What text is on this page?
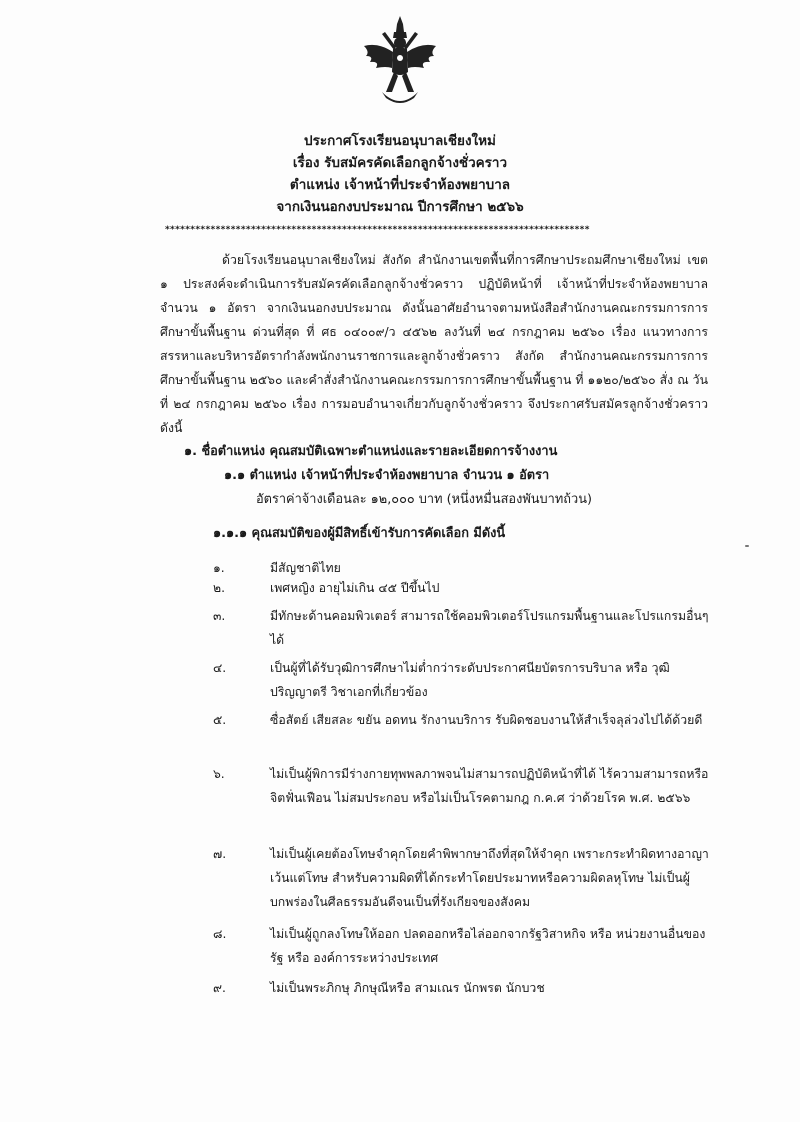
ประกาศโรงเรียนอนุบาลเชียงใหม่
เรื่อง รับสมัครคัดเลือกลูกจ้างชั่วคราว
ตำแหน่ง เจ้าหน้าที่ประจำห้องพยาบาล
จากเงินนอกงบประมาณ ปีการศึกษา ๒๕๖๖
************************************************************************************
ด้วยโรงเรียนอนุบาลเชียงใหม่ สังกัด สำนักงานเขตพื้นที่การศึกษาประถมศึกษาเชียงใหม่ เขต ๑ ประสงค์จะดำเนินการรับสมัครคัดเลือกลูกจ้างชั่วคราว ปฏิบัติหน้าที่ เจ้าหน้าที่ประจำห้องพยาบาล จำนวน ๑ อัตรา จากเงินนอกงบประมาณ ดังนั้นอาศัยอำนาจตามหนังสือสำนักงานคณะกรรมการการศึกษาขั้นพื้นฐาน ด่วนที่สุด ที่ ศธ ๐๔๐๐๙/ว ๔๕๖๒ ลงวันที่ ๒๔ กรกฎาคม ๒๕๖๐ เรื่อง แนวทางการสรรหาและบริหารอัตรากำลังพนักงานราชการและลูกจ้างชั่วคราว สังกัด สำนักงานคณะกรรมการการศึกษาขั้นพื้นฐาน ๒๕๖๐ และคำสั่งสำนักงานคณะกรรมการการศึกษาขั้นพื้นฐาน ที่ ๑๑๒๐/๒๕๖๐ สั่ง ณ วันที่ ๒๔ กรกฎาคม ๒๕๖๐ เรื่อง การมอบอำนาจเกี่ยวกับลูกจ้างชั่วคราว จึงประกาศรับสมัครลูกจ้างชั่วคราว ดังนี้
๑. ชื่อตำแหน่ง คุณสมบัติเฉพาะตำแหน่งและรายละเอียดการจ้างงาน
๑.๑ ตำแหน่ง เจ้าหน้าที่ประจำห้องพยาบาล จำนวน ๑ อัตรา
อัตราค่าจ้างเดือนละ ๑๒,๐๐๐ บาท (หนึ่งหมื่นสองพันบาทถ้วน)
๑.๑.๑ คุณสมบัติของผู้มีสิทธิ์เข้ารับการคัดเลือก มีดังนี้
๑.	มีสัญชาติไทย
๒.	เพศหญิง อายุไม่เกิน ๔๕ ปีขึ้นไป
๓.	มีทักษะด้านคอมพิวเตอร์ สามารถใช้คอมพิวเตอร์โปรแกรมพื้นฐานและโปรแกรมอื่นๆ ได้
๔.	เป็นผู้ที่ได้รับวุฒิการศึกษาไม่ต่ำกว่าระดับประกาศนียบัตรการบริบาล หรือ วุฒิปริญญาตรี วิชาเอกที่เกี่ยวข้อง
๕.	ซื่อสัตย์ เสียสละ ขยัน อดทน รักงานบริการ รับผิดชอบงานให้สำเร็จลุล่วงไปได้ด้วยดี
๖.	ไม่เป็นผู้พิการมีร่างกายทุพพลภาพจนไม่สามารถปฏิบัติหน้าที่ได้ ไร้ความสามารถหรือจิตฟั่นเฟือน ไม่สมประกอบ หรือไม่เป็นโรคตามกฎ ก.ค.ศ ว่าด้วยโรค พ.ศ. ๒๕๖๖
๗.	ไม่เป็นผู้เคยต้องโทษจำคุกโดยคำพิพากษาถึงที่สุดให้จำคุก เพราะกระทำผิดทางอาญา เว้นแต่โทษ สำหรับความผิดที่ได้กระทำโดยประมาทหรือความผิดลหุโทษ ไม่เป็นผู้บกพร่องในศีลธรรมอันดีจนเป็นที่รังเกียจของสังคม
๘.	ไม่เป็นผู้ถูกลงโทษให้ออก ปลดออกหรือไล่ออกจากรัฐวิสาหกิจ หรือ หน่วยงานอื่นของรัฐ หรือ องค์การระหว่างประเทศ
๙.	ไม่เป็นพระภิกษุ ภิกษุณีหรือ สามเณร นักพรต นักบวช
